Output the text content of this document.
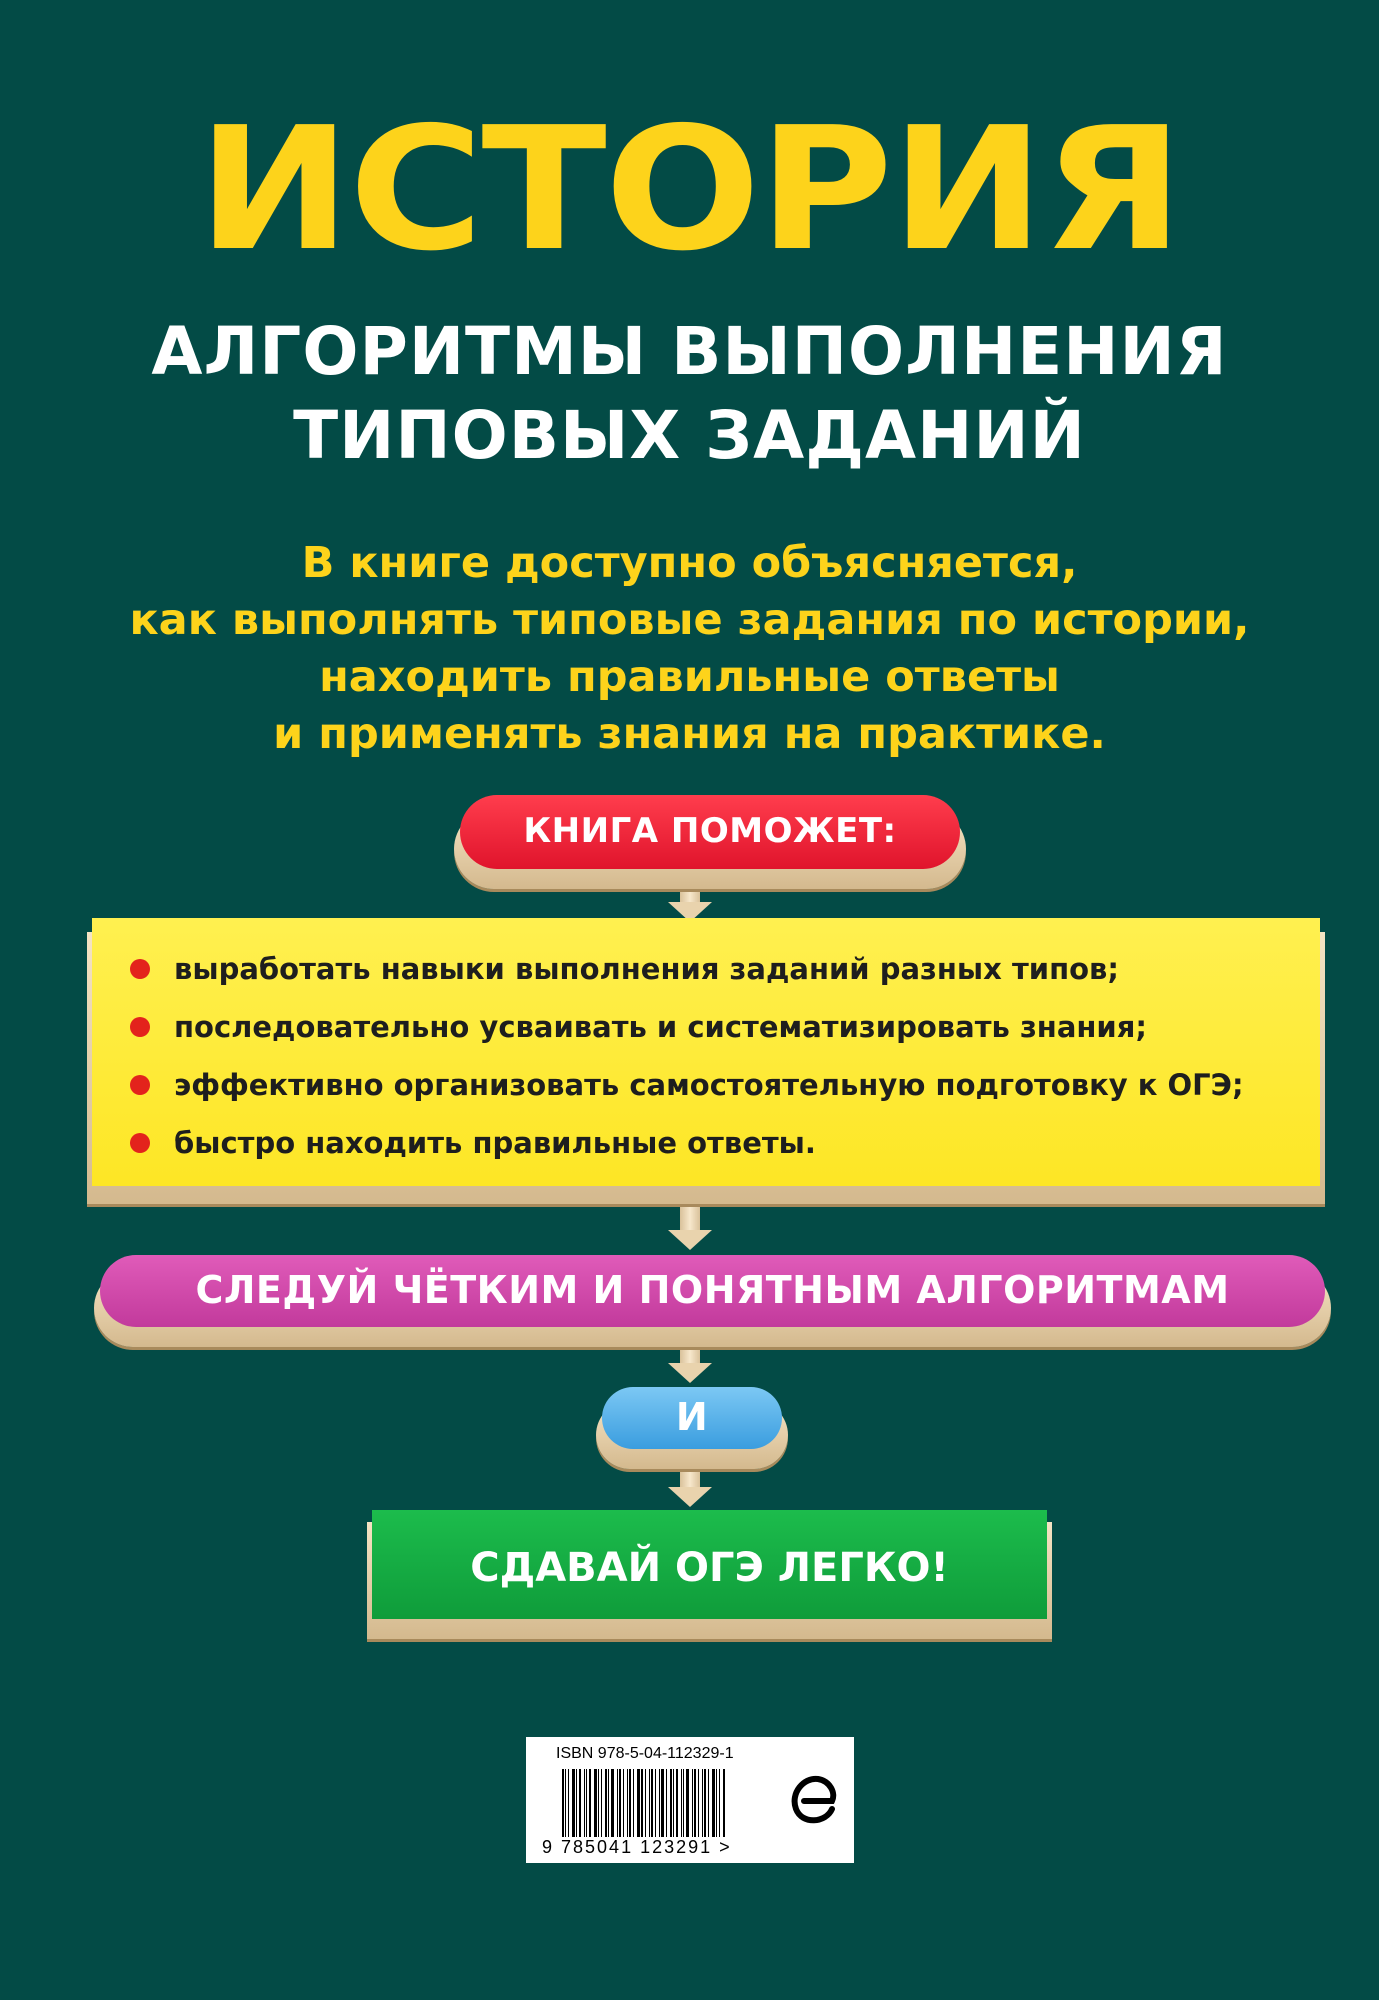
ИСТОРИЯ
АЛГОРИТМЫ ВЫПОЛНЕНИЯ
ТИПОВЫХ ЗАДАНИЙ
В книге доступно объясняется,
как выполнять типовые задания по истории,
находить правильные ответы
и применять знания на практике.
КНИГА ПОМОЖЕТ:
выработать навыки выполнения заданий разных типов;
последовательно усваивать и систематизировать знания;
эффективно организовать самостоятельную подготовку к ОГЭ;
быстро находить правильные ответы.
СЛЕДУЙ ЧЁТКИМ И ПОНЯТНЫМ АЛГОРИТМАМ
И
СДАВАЙ ОГЭ ЛЕГКО!
ISBN 978-5-04-112329-1
9 785041 123291 >
